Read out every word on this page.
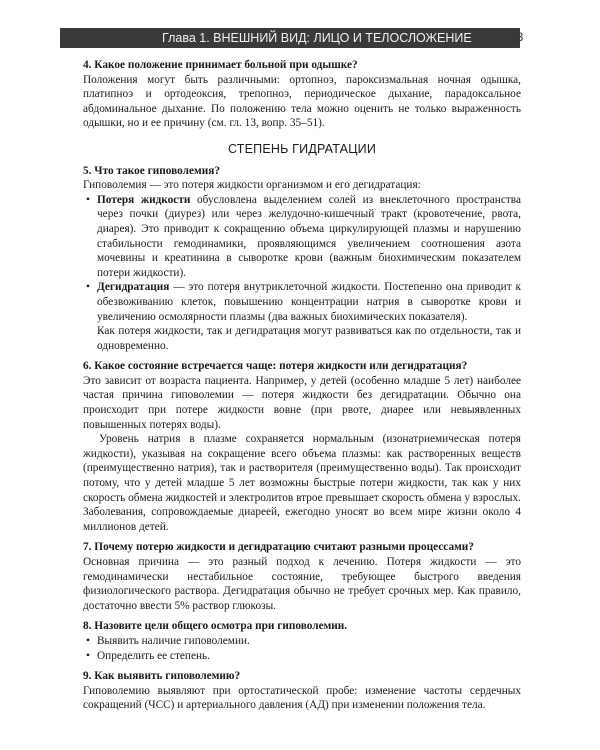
Глава 1. ВНЕШНИЙ ВИД: ЛИЦО И ТЕЛОСЛОЖЕНИЕ	23
4. Какое положение принимает больной при одышке?
Положения могут быть различными: ортопноэ, пароксизмальная ночная одышка, платипноэ и ортодеоксия, трепопноэ, периодическое дыхание, парадоксальное абдоминальное дыхание. По положению тела можно оценить не только выраженность одышки, но и ее причину (см. гл. 13, вопр. 35–51).
СТЕПЕНЬ ГИДРАТАЦИИ
5. Что такое гиповолемия?
Гиповолемия — это потеря жидкости организмом и его дегидратация:
• Потеря жидкости обусловлена выделением солей из внеклеточного пространства через почки (диурез) или через желудочно-кишечный тракт (кровотечение, рвота, диарея). Это приводит к сокращению объема циркулирующей плазмы и нарушению стабильности гемодинамики, проявляющимся увеличением соотношения азота мочевины и креатинина в сыворотке крови (важным биохимическим показателем потери жидкости).
• Дегидратация — это потеря внутриклеточной жидкости. Постепенно она приводит к обезвоживанию клеток, повышению концентрации натрия в сыворотке крови и увеличению осмолярности плазмы (два важных биохимических показателя).
Как потеря жидкости, так и дегидратация могут развиваться как по отдельности, так и одновременно.
6. Какое состояние встречается чаще: потеря жидкости или дегидратация?
Это зависит от возраста пациента. Например, у детей (особенно младше 5 лет) наиболее частая причина гиповолемии — потеря жидкости без дегидратации. Обычно она происходит при потере жидкости вовне (при рвоте, диарее или невыявленных повышенных потерях воды).
Уровень натрия в плазме сохраняется нормальным (изонатриемическая потеря жидкости), указывая на сокращение всего объема плазмы: как растворенных веществ (преимущественно натрия), так и растворителя (преимущественно воды). Так происходит потому, что у детей младше 5 лет возможны быстрые потери жидкости, так как у них скорость обмена жидкостей и электролитов втрое превышает скорость обмена у взрослых. Заболевания, сопровождаемые диареей, ежегодно уносят во всем мире жизни около 4 миллионов детей.
7. Почему потерю жидкости и дегидратацию считают разными процессами?
Основная причина — это разный подход к лечению. Потеря жидкости — это гемодинамически нестабильное состояние, требующее быстрого введения физиологического раствора. Дегидратация обычно не требует срочных мер. Как правило, достаточно ввести 5% раствор глюкозы.
8. Назовите цели общего осмотра при гиповолемии.
• Выявить наличие гиповолемии.
• Определить ее степень.
9. Как выявить гиповолемию?
Гиповолемию выявляют при ортостатической пробе: изменение частоты сердечных сокращений (ЧСС) и артериального давления (АД) при изменении положения тела.
